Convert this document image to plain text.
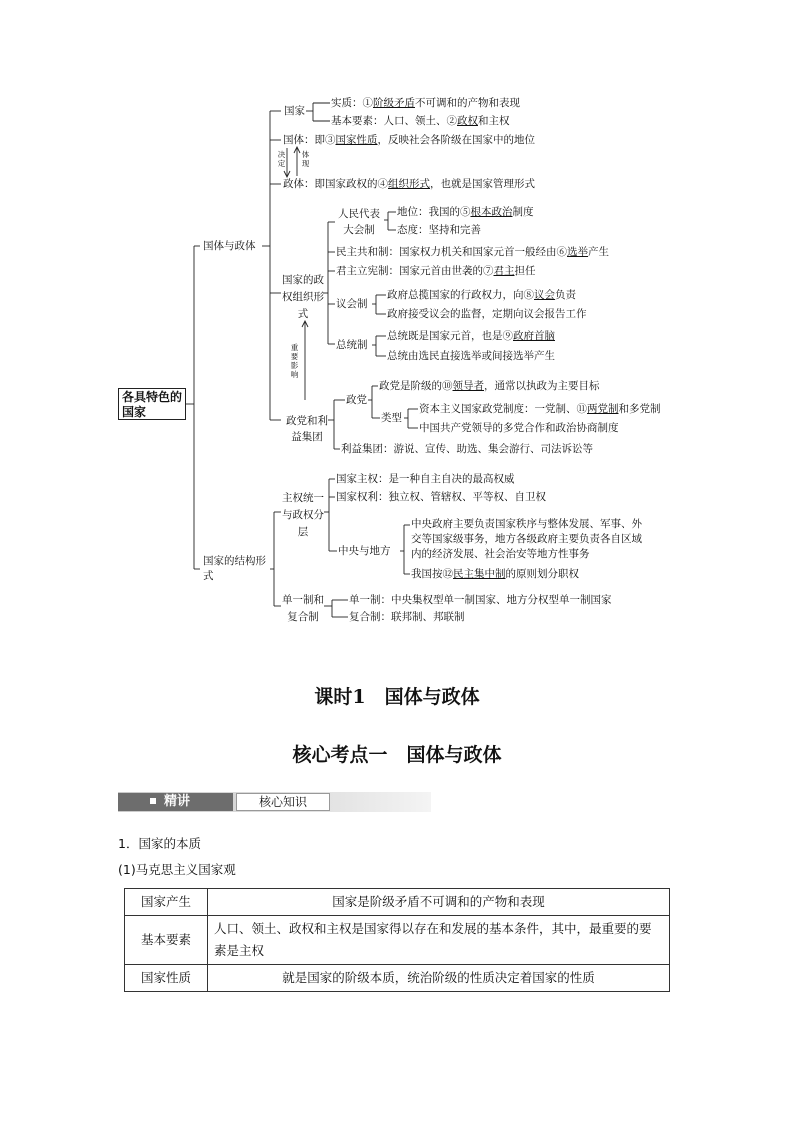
各具特色的国家
国体与政体
国家的结构形式
国家
实质：①阶级矛盾不可调和的产物和表现
基本要素：人口、领土、②政权和主权
国体：即③国家性质，反映社会各阶级在国家中的地位
决定
体现
政体：即国家政权的④组织形式，也就是国家管理形式
国家的政权组织形式
人民代表大会制
地位：我国的⑤根本政治制度
态度：坚持和完善
民主共和制：国家权力机关和国家元首一般经由⑥选举产生
君主立宪制：国家元首由世袭的⑦君主担任
议会制
政府总揽国家的行政权力，向⑧议会负责
政府接受议会的监督，定期向议会报告工作
总统制
总统既是国家元首，也是⑨政府首脑
总统由选民直接选举或间接选举产生
重要影响
政党和利益集团
政党
政党是阶级的⑩领导者，通常以执政为主要目标
类型
资本主义国家政党制度：一党制、⑪两党制和多党制
中国共产党领导的多党合作和政治协商制度
利益集团：游说、宣传、助选、集会游行、司法诉讼等
主权统一与政权分层
国家主权：是一种自主自决的最高权威
国家权利：独立权、管辖权、平等权、自卫权
中央与地方
中央政府主要负责国家秩序与整体发展、军事、外
交等国家级事务，地方各级政府主要负责各自区域
内的经济发展、社会治安等地方性事务
我国按⑫民主集中制的原则划分职权
单一制和复合制
单一制：中央集权型单一制国家、地方分权型单一制国家
复合制：联邦制、邦联制
课时1　国体与政体
核心考点一　国体与政体
精讲	核心知识
1．国家的本质
(1)马克思主义国家观
国家产生	国家是阶级矛盾不可调和的产物和表现
基本要素	人口、领土、政权和主权是国家得以存在和发展的基本条件，其中，最重要的要素是主权
国家性质	就是国家的阶级本质，统治阶级的性质决定着国家的性质
